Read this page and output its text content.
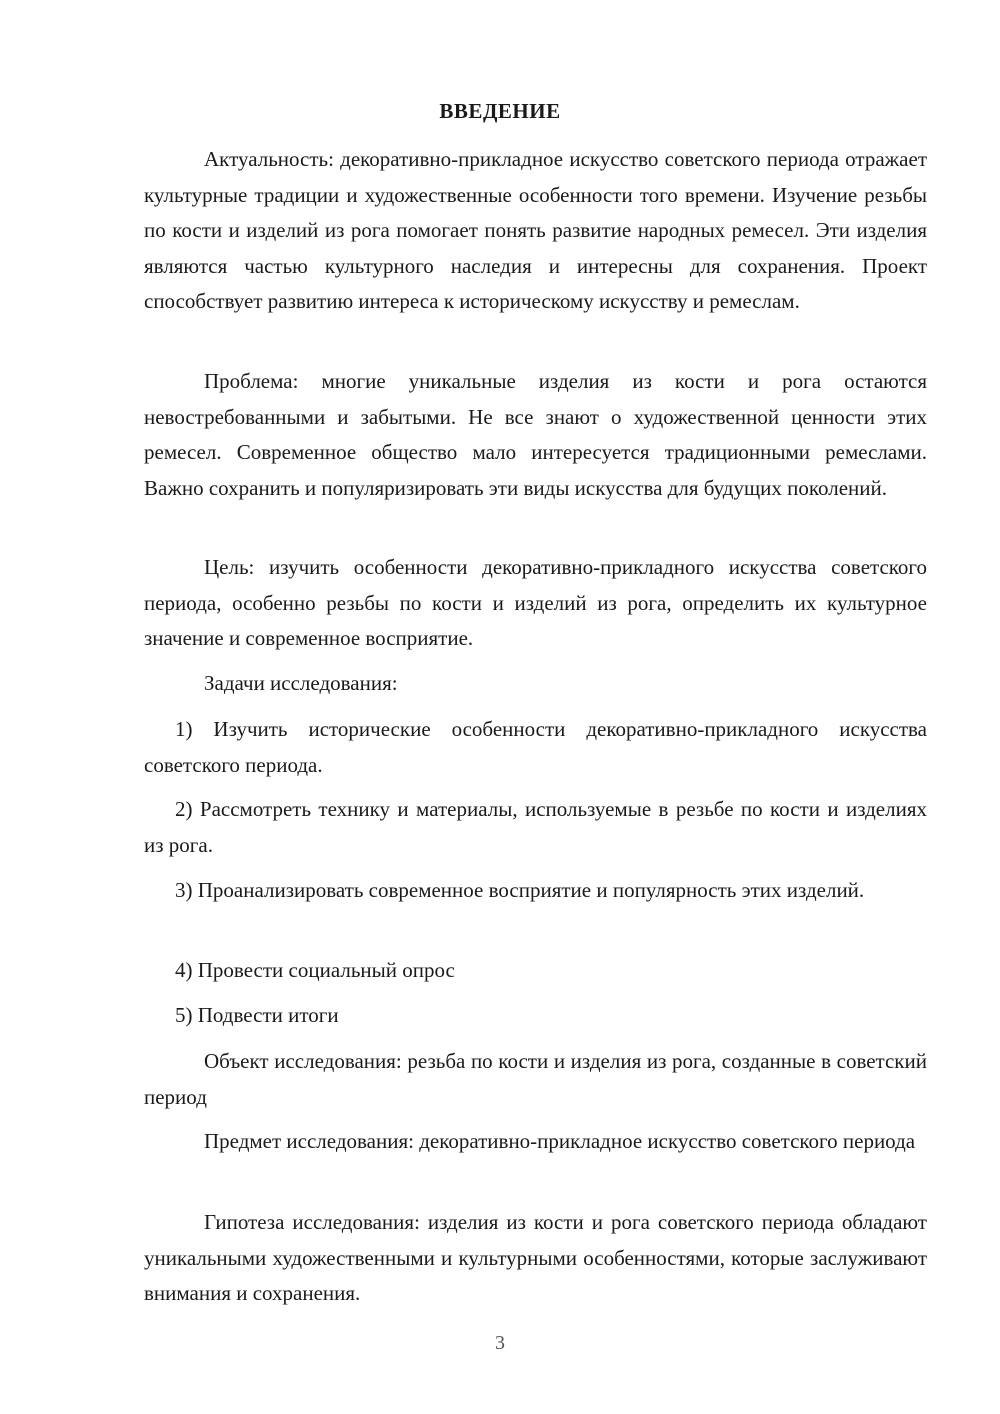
ВВЕДЕНИЕ
Актуальность: декоративно-прикладное искусство советского периода отражает культурные традиции и художественные особенности того времени. Изучение резьбы по кости и изделий из рога помогает понять развитие народных ремесел. Эти изделия являются частью культурного наследия и интересны для сохранения. Проект способствует развитию интереса к историческому искусству и ремеслам.
Проблема: многие уникальные изделия из кости и рога остаются невостребованными и забытыми. Не все знают о художественной ценности этих ремесел. Современное общество мало интересуется традиционными ремеслами. Важно сохранить и популяризировать эти виды искусства для будущих поколений.
Цель: изучить особенности декоративно-прикладного искусства советского периода, особенно резьбы по кости и изделий из рога, определить их культурное значение и современное восприятие.
Задачи исследования:
1) Изучить исторические особенности декоративно-прикладного искусства советского периода.
2) Рассмотреть технику и материалы, используемые в резьбе по кости и изделиях из рога.
3) Проанализировать современное восприятие и популярность этих изделий.
4) Провести социальный опрос
5) Подвести итоги
Объект исследования: резьба по кости и изделия из рога, созданные в советский период
Предмет исследования: декоративно-прикладное искусство советского периода
Гипотеза исследования: изделия из кости и рога советского периода обладают уникальными художественными и культурными особенностями, которые заслуживают внимания и сохранения.
3
